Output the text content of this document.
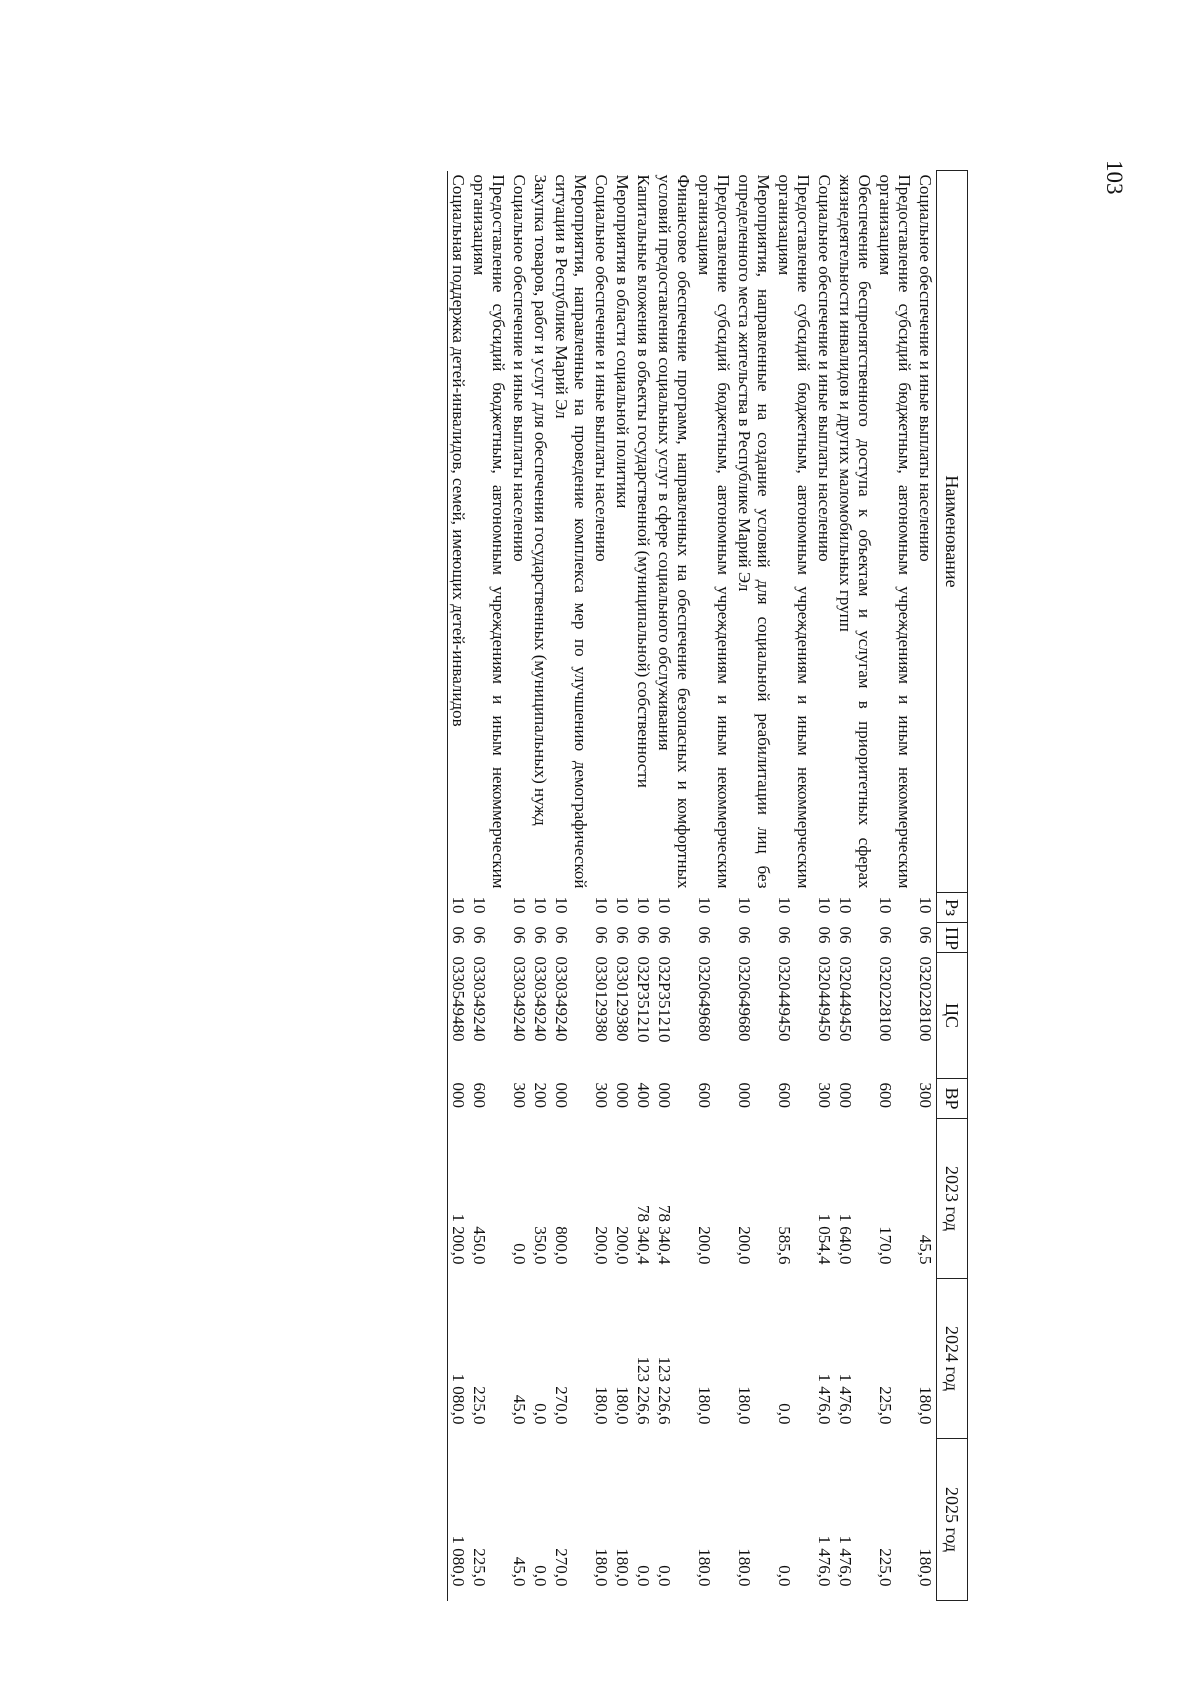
103
Наименование	Рз	ПР	ЦС	ВР	2023 год	2024 год	2025 год
Социальное обеспечение и иные выплаты населению	10	06	0320228100	300	45,5	180,0	180,0
Предоставление субсидий бюджетным, автономным учреждениям и иным некоммерческим организациям	10	06	0320228100	600	170,0	225,0	225,0
Обеспечение беспрепятственного доступа к объектам и услугам в приоритетных сферах жизнедеятельности инвалидов и других маломобильных групп	10	06	0320449450	000	1 640,0	1 476,0	1 476,0
Социальное обеспечение и иные выплаты населению	10	06	0320449450	300	1 054,4	1 476,0	1 476,0
Предоставление субсидий бюджетным, автономным учреждениям и иным некоммерческим организациям	10	06	0320449450	600	585,6	0,0	0,0
Мероприятия, направленные на создание условий для социальной реабилитации лиц без определенного места жительства в Республике Марий Эл	10	06	0320649680	000	200,0	180,0	180,0
Предоставление субсидий бюджетным, автономным учреждениям и иным некоммерческим организациям	10	06	0320649680	600	200,0	180,0	180,0
Финансовое обеспечение программ, направленных на обеспечение безопасных и комфортных условий предоставления социальных услуг в сфере социального обслуживания	10	06	032Р351210	000	78 340,4	123 226,6	0,0
Капитальные вложения в объекты государственной (муниципальной) собственности	10	06	032Р351210	400	78 340,4	123 226,6	0,0
Мероприятия в области социальной политики	10	06	0330129380	000	200,0	180,0	180,0
Социальное обеспечение и иные выплаты населению	10	06	0330129380	300	200,0	180,0	180,0
Мероприятия, направленные на проведение комплекса мер по улучшению демографической ситуации в Республике Марий Эл	10	06	0330349240	000	800,0	270,0	270,0
Закупка товаров, работ и услуг для обеспечения государственных (муниципальных) нужд	10	06	0330349240	200	350,0	0,0	0,0
Социальное обеспечение и иные выплаты населению	10	06	0330349240	300	0,0	45,0	45,0
Предоставление субсидий бюджетным, автономным учреждениям и иным некоммерческим организациям	10	06	0330349240	600	450,0	225,0	225,0
Социальная поддержка детей-инвалидов, семей, имеющих детей-инвалидов	10	06	0330549480	000	1 200,0	1 080,0	1 080,0
